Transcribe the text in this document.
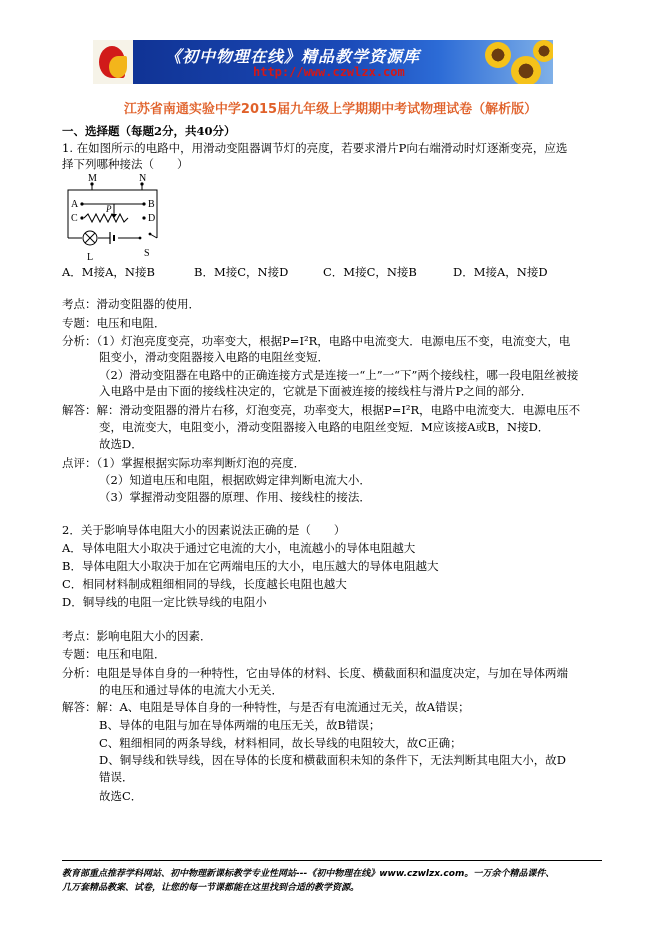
《初中物理在线》精品教学资源库
http://www.czwlzx.com
江苏省南通实验中学2015届九年级上学期期中考试物理试卷（解析版）
一、选择题（每题2分，共40分）
1. 在如图所示的电路中，用滑动变阻器调节灯的亮度，若要求滑片P向右端滑动时灯逐渐变亮，应选
择下列哪种接法（　　）
M	N
A	B
C	D
P
L	S
A．M接A，N接B	B．M接C，N接D	C．M接C，N接B	D．M接A，N接D
考点：滑动变阻器的使用．
专题：电压和电阻．
分析：（1）灯泡亮度变亮，功率变大，根据P=I²R，电路中电流变大．电源电压不变，电流变大，电
阻变小，滑动变阻器接入电路的电阻丝变短．
（2）滑动变阻器在电路中的正确连接方式是连接一“上”一“下”两个接线柱，哪一段电阻丝被接
入电路中是由下面的接线柱决定的，它就是下面被连接的接线柱与滑片P之间的部分．
解答：解：滑动变阻器的滑片右移，灯泡变亮，功率变大，根据P=I²R，电路中电流变大．电源电压不
变，电流变大，电阻变小，滑动变阻器接入电路的电阻丝变短．M应该接A或B，N接D．
故选D．
点评：（1）掌握根据实际功率判断灯泡的亮度．
（2）知道电压和电阻，根据欧姆定律判断电流大小．
（3）掌握滑动变阻器的原理、作用、接线柱的接法．
2．关于影响导体电阻大小的因素说法正确的是（　　）
A．导体电阻大小取决于通过它电流的大小，电流越小的导体电阻越大
B．导体电阻大小取决于加在它两端电压的大小，电压越大的导体电阻越大
C．相同材料制成粗细相同的导线，长度越长电阻也越大
D．铜导线的电阻一定比铁导线的电阻小
考点：影响电阻大小的因素．
专题：电压和电阻．
分析：电阻是导体自身的一种特性，它由导体的材料、长度、横截面积和温度决定，与加在导体两端
的电压和通过导体的电流大小无关．
解答：解：A、电阻是导体自身的一种特性，与是否有电流通过无关，故A错误；
B、导体的电阻与加在导体两端的电压无关，故B错误；
C、粗细相同的两条导线，材料相同，故长导线的电阻较大，故C正确；
D、铜导线和铁导线，因在导体的长度和横截面积未知的条件下，无法判断其电阻大小，故D
错误．
故选C．
教育部重点推荐学科网站、初中物理新课标教学专业性网站---《初中物理在线》www.czwlzx.com。一万余个精品课件、
几万套精品教案、试卷，让您的每一节课都能在这里找到合适的教学资源。
